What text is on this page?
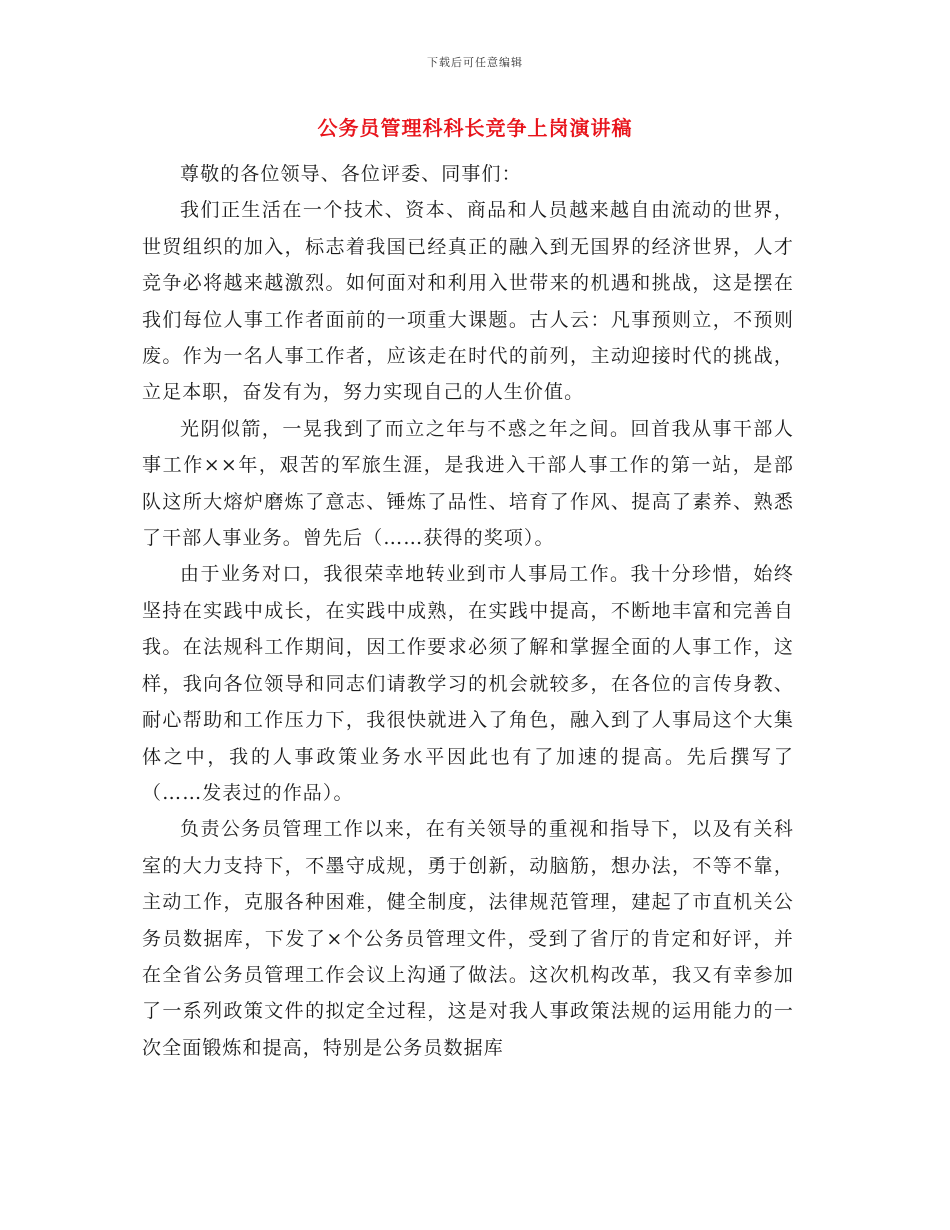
下载后可任意编辑
公务员管理科科长竞争上岗演讲稿

尊敬的各位领导、各位评委、同事们：

我们正生活在一个技术、资本、商品和人员越来越自由流动的世界，世贸组织的加入，标志着我国已经真正的融入到无国界的经济世界，人才竞争必将越来越激烈。如何面对和利用入世带来的机遇和挑战，这是摆在我们每位人事工作者面前的一项重大课题。古人云：凡事预则立，不预则废。作为一名人事工作者，应该走在时代的前列，主动迎接时代的挑战，立足本职，奋发有为，努力实现自己的人生价值。

光阴似箭，一晃我到了而立之年与不惑之年之间。回首我从事干部人事工作××年，艰苦的军旅生涯，是我进入干部人事工作的第一站，是部队这所大熔炉磨炼了意志、锤炼了品性、培育了作风、提高了素养、熟悉了干部人事业务。曾先后（……获得的奖项）。

由于业务对口，我很荣幸地转业到市人事局工作。我十分珍惜，始终坚持在实践中成长，在实践中成熟，在实践中提高，不断地丰富和完善自我。在法规科工作期间，因工作要求必须了解和掌握全面的人事工作，这样，我向各位领导和同志们请教学习的机会就较多，在各位的言传身教、耐心帮助和工作压力下，我很快就进入了角色，融入到了人事局这个大集体之中，我的人事政策业务水平因此也有了加速的提高。先后撰写了（……发表过的作品）。

负责公务员管理工作以来，在有关领导的重视和指导下，以及有关科室的大力支持下，不墨守成规，勇于创新，动脑筋，想办法，不等不靠，主动工作，克服各种困难，健全制度，法律规范管理，建起了市直机关公务员数据库，下发了×个公务员管理文件，受到了省厅的肯定和好评，并在全省公务员管理工作会议上沟通了做法。这次机构改革，我又有幸参加了一系列政策文件的拟定全过程，这是对我人事政策法规的运用能力的一次全面锻炼和提高，特别是公务员数据库
